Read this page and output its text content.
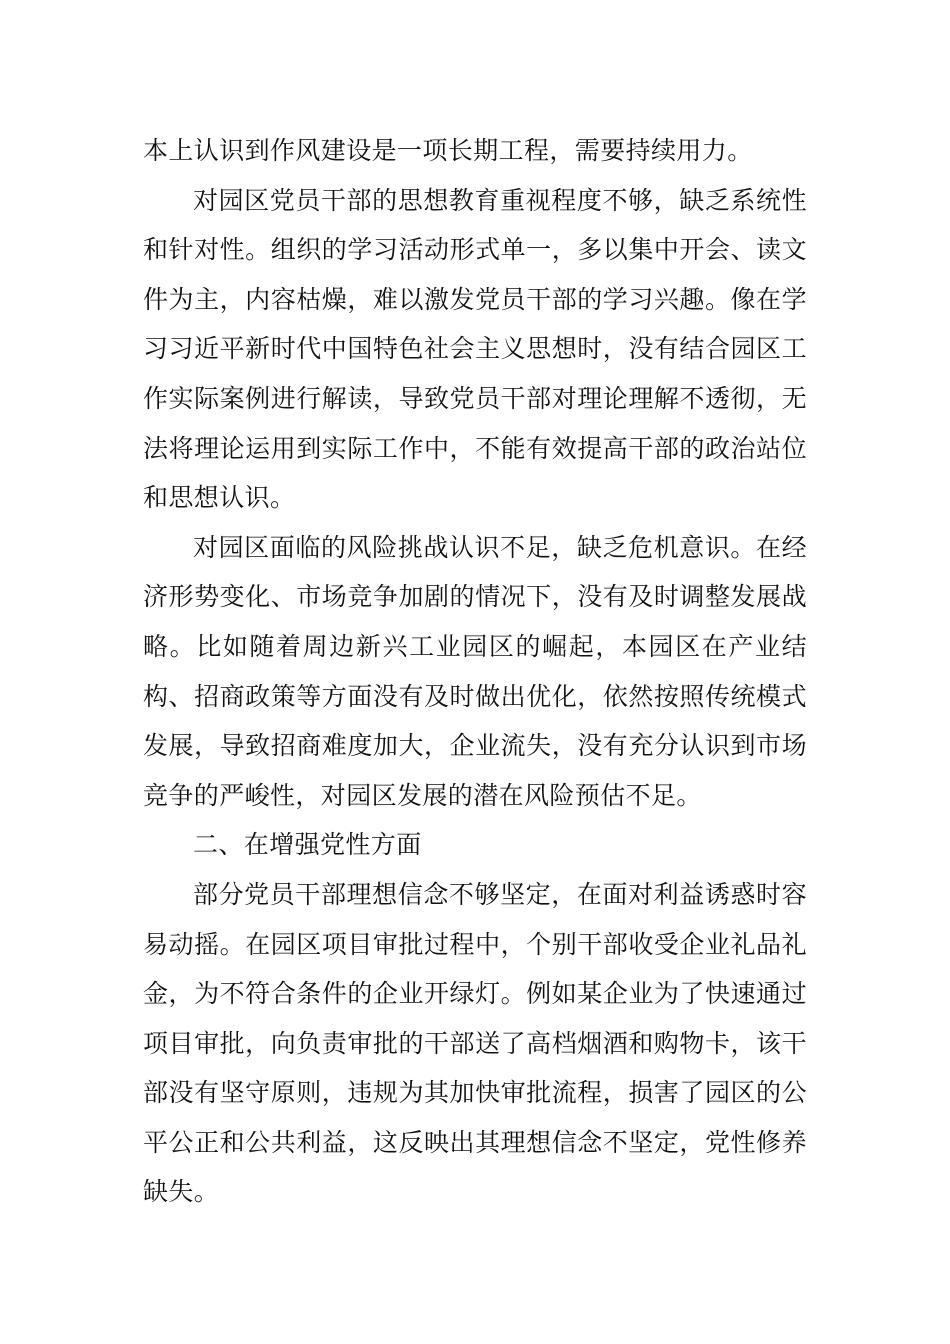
本上认识到作风建设是一项长期工程，需要持续用力。

对园区党员干部的思想教育重视程度不够，缺乏系统性和针对性。组织的学习活动形式单一，多以集中开会、读文件为主，内容枯燥，难以激发党员干部的学习兴趣。像在学习习近平新时代中国特色社会主义思想时，没有结合园区工作实际案例进行解读，导致党员干部对理论理解不透彻，无法将理论运用到实际工作中，不能有效提高干部的政治站位和思想认识。

对园区面临的风险挑战认识不足，缺乏危机意识。在经济形势变化、市场竞争加剧的情况下，没有及时调整发展战略。比如随着周边新兴工业园区的崛起，本园区在产业结构、招商政策等方面没有及时做出优化，依然按照传统模式发展，导致招商难度加大，企业流失，没有充分认识到市场竞争的严峻性，对园区发展的潜在风险预估不足。

二、在增强党性方面

部分党员干部理想信念不够坚定，在面对利益诱惑时容易动摇。在园区项目审批过程中，个别干部收受企业礼品礼金，为不符合条件的企业开绿灯。例如某企业为了快速通过项目审批，向负责审批的干部送了高档烟酒和购物卡，该干部没有坚守原则，违规为其加快审批流程，损害了园区的公平公正和公共利益，这反映出其理想信念不坚定，党性修养缺失。
